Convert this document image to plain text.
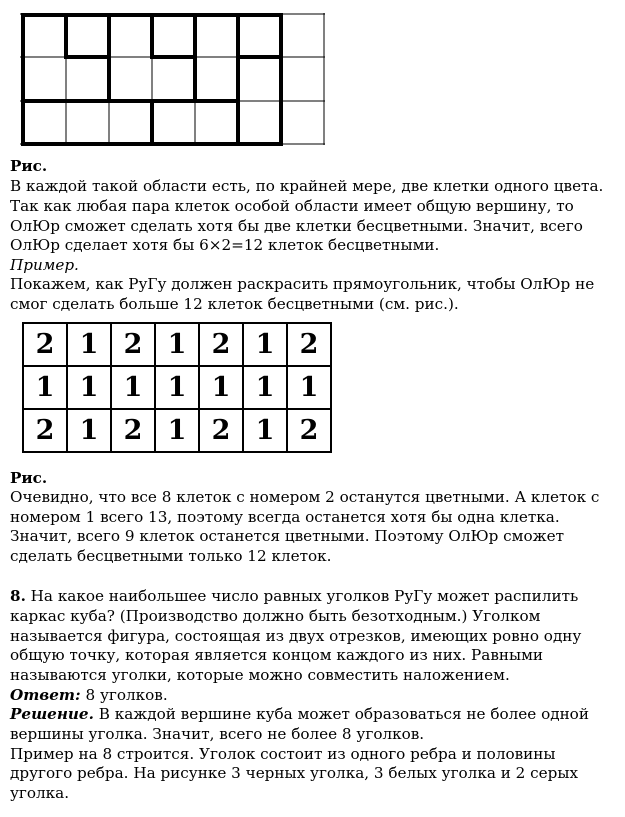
Рис.
В каждой такой области есть, по крайней мере, две клетки одного цвета.
Так как любая пара клеток особой области имеет общую вершину, то
ОлЮр сможет сделать хотя бы две клетки бесцветными. Значит, всего
ОлЮр сделает хотя бы 6×2=12 клеток бесцветными.
Пример.
Покажем, как РуГу должен раскрасить прямоугольник, чтобы ОлЮр не
смог сделать больше 12 клеток бесцветными (см. рис.).
2	1	2	1	2	1	2
1	1	1	1	1	1	1
2	1	2	1	2	1	2
Рис.
Очевидно, что все 8 клеток с номером 2 останутся цветными. А клеток с
номером 1 всего 13, поэтому всегда останется хотя бы одна клетка.
Значит, всего 9 клеток останется цветными. Поэтому ОлЮр сможет
сделать бесцветными только 12 клеток.
8. На какое наибольшее число равных уголков РуГу может распилить
каркас куба? (Производство должно быть безотходным.) Уголком
называется фигура, состоящая из двух отрезков, имеющих ровно одну
общую точку, которая является концом каждого из них. Равными
называются уголки, которые можно совместить наложением.
Ответ: 8 уголков.
Решение. В каждой вершине куба может образоваться не более одной
вершины уголка. Значит, всего не более 8 уголков.
Пример на 8 строится. Уголок состоит из одного ребра и половины
другого ребра. На рисунке 3 черных уголка, 3 белых уголка и 2 серых
уголка.
